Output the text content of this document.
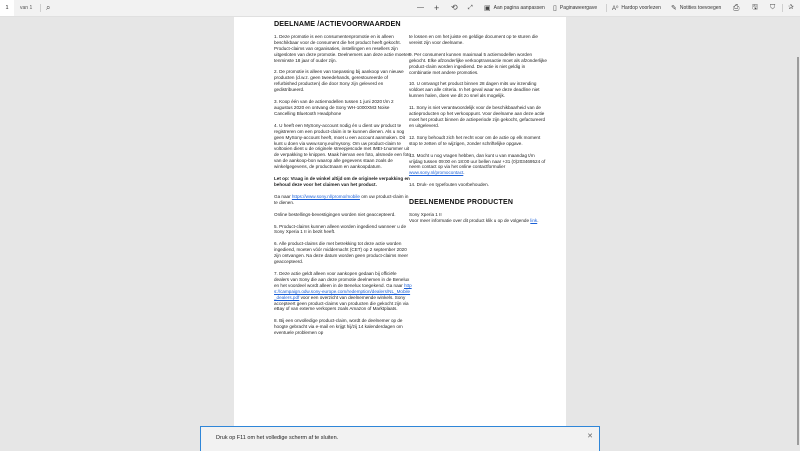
1	van 1 ⌕	— + ⟲ ⤢ ▣ Aan pagina aanpassen ▯ Paginaweergave A⁰ Hardop voorlezen ✎ Notities toevoegen ⎙ 🖫 ⛉ ✰
DEELNAME /ACTIEVOORWAARDEN

1. Deze promotie is een consumentenpromotie en is alleen beschikbaar voor de consument die het product heeft gekocht. Product-claims van organisaties, instellingen en resellers zijn uitgesloten van deze promotie. Deelnemers aan deze actie moeten tenminste 18 jaar of ouder zijn.

2. De promotie is alleen van toepassing bij aankoop van nieuwe producten (d.w.z. geen tweedehands, gerestoureerde of refurbished producten) die door Sony zijn geleverd en gedistribueerd.

3. Koop één van de actiemodellen tussen 1 juni 2020 t/m 2 augustus 2020 en ontvang de Sony WH-1000XM3 Noise Cancelling Bluetooth Headphone

4. U heeft een MySony-account nodig én u dient uw product te registreren om een product-claim in te kunnen dienen. Als u nog geen MySony-account heeft, moet u een account aanmaken. Dit kunt u doen via www.sony.eu/mysony. Om uw product-claim te voltooien dient u de originele streepjescode met IMEI-1nummer uit de verpakking te knippen. Maak hiervan een foto, alsmede een foto van de aankoop-bon waarop alle gegevens staan zoals de winkelgegevens, de productnaam en aankoopdatum.

Let op: Vraag in de winkel altijd om de originele verpakking en behoud deze voor het claimen van het product.

Ga naar https://www.sony.nl/promo/mobile om uw product-claim in te dienen.

Online bestellings-bevestigingen worden niet geaccepteerd.

5. Product-claims kunnen alleen worden ingediend wanneer u de Sony Xperia 1 II in bezit heeft.

6. Alle product-claims die met betrekking tot deze actie worden ingediend, moeten vóór middernacht (CET) op 2 september 2020 zijn ontvangen. Na deze datum worden geen product-claims meer geaccepteerd.

7. Deze actie geldt alleen voor aankopen gedaan bij officiële dealers van Sony die aan deze promotie deelnemen in de Benelux en het voordeel wordt alleen in de Benelux toegekend. Ga naar https://campaign.odw.sony-europe.com/redemption/dealers/NL_Mobile_dealers.pdf voor een overzicht van deelnemende winkels. Sony accepteert geen product-claims van producten die gekocht zijn via eBay of van externe verkopers zoals Amazon of Marktplaats.

8. Bij een onvolledige product-claim, wordt de deelnemer op de hoogte gebracht via e-mail en krijgt hij/zij 14 kalenderdagen om eventuele problemen op

te lossen en om het juiste en geldige document op te sturen die vereist zijn voor deelname.

9. Per consument kunnen maximaal 5 actiemodellen worden gekocht. Elke afzonderlijke verkooptransactie moet als afzonderlijke product-claim worden ingediend. De actie is niet geldig in combinatie met andere promoties.

10. U ontvangt het product binnen 28 dagen mits uw inzending voldoet aan alle criteria. In het geval waar we deze deadline niet kunnen halen, doen we dit zo snel als mogelijk.

11. Sony is niet verantwoordelijk voor de beschikbaarheid van de actieproducten op het verkooppunt. Voor deelname aan deze actie moet het product binnen de actieperiode zijn gekocht, gefactureerd en uitgeleverd.

12. Sony behoudt zich het recht voor om de actie op elk moment stop te zetten of te wijzigen, zonder schriftelijke opgave.

13. Mocht u nog vragen hebben, dan kunt u van maandag t/m vrijdag tussen 09:00 en 18:00 uur bellen naar +31 (0)203469524 of neem contact op via het online contactformulier www.sony.nl/promocontact.

14. Druk- en typefouten voorbehouden.

DEELNEMENDE PRODUCTEN

Sony Xperia 1 II
Voor meer informatie over dit product klik u op de volgende link.

Druk op F11 om het volledige scherm af te sluiten.	✕
